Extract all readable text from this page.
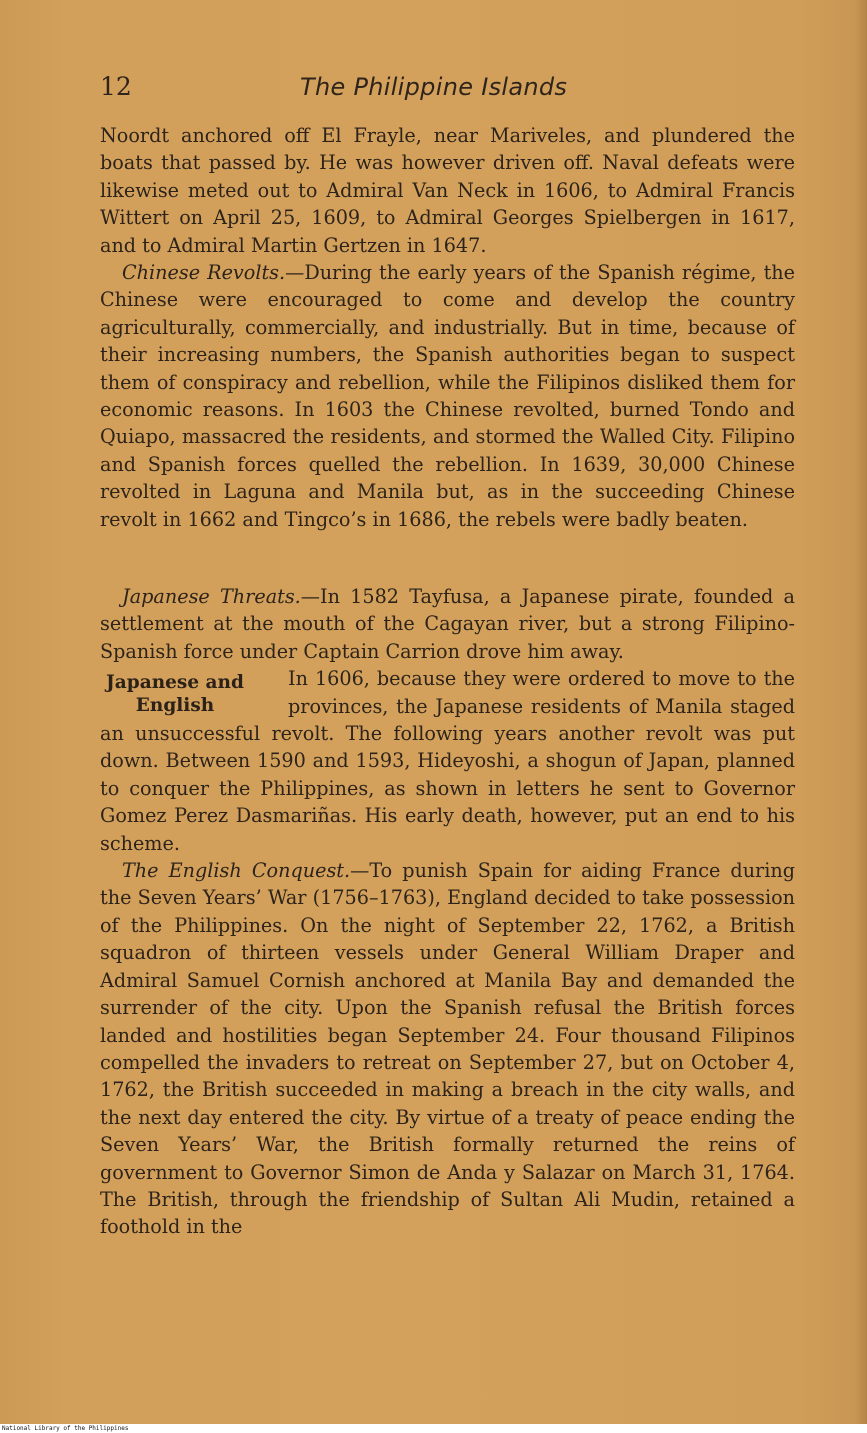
12	The Philippine Islands

Noordt anchored off El Frayle, near Mariveles, and plundered the boats that passed by. He was however driven off. Naval defeats were likewise meted out to Admiral Van Neck in 1606, to Admiral Francis Wittert on April 25, 1609, to Admiral Georges Spielbergen in 1617, and to Admiral Martin Gertzen in 1647.

Chinese Revolts.—During the early years of the Spanish régime, the Chinese were encouraged to come and develop the country agriculturally, commercially, and industrially. But in time, because of their increasing numbers, the Spanish authorities began to suspect them of conspiracy and rebellion, while the Filipinos disliked them for economic reasons. In 1603 the Chinese revolted, burned Tondo and Quiapo, massacred the residents, and stormed the Walled City. Filipino and Spanish forces quelled the rebellion. In 1639, 30,000 Chinese revolted in Laguna and Manila but, as in the succeeding Chinese revolt in 1662 and Tingco’s in 1686, the rebels were badly beaten.

Japanese Threats.—In 1582 Tayfusa, a Japanese pirate, founded a settlement at the mouth of the Cagayan river, but a strong Filipino-Spanish force under Captain Carrion drove him away.

Japanese and
English
In 1606, because they were ordered to move to the provinces, the Japanese residents of Manila staged an unsuccessful revolt. The following years another revolt was put down. Between 1590 and 1593, Hideyoshi, a shogun of Japan, planned to conquer the Philippines, as shown in letters he sent to Governor Gomez Perez Dasmariñas. His early death, however, put an end to his scheme.

The English Conquest.—To punish Spain for aiding France during the Seven Years’ War (1756–1763), England decided to take possession of the Philippines. On the night of September 22, 1762, a British squadron of thirteen vessels under General William Draper and Admiral Samuel Cornish anchored at Manila Bay and demanded the surrender of the city. Upon the Spanish refusal the British forces landed and hostilities began September 24. Four thousand Filipinos compelled the invaders to retreat on September 27, but on October 4, 1762, the British succeeded in making a breach in the city walls, and the next day entered the city. By virtue of a treaty of peace ending the Seven Years’ War, the British formally returned the reins of government to Governor Simon de Anda y Salazar on March 31, 1764. The British, through the friendship of Sultan Ali Mudin, retained a foothold in the

National Library of the Philippines
